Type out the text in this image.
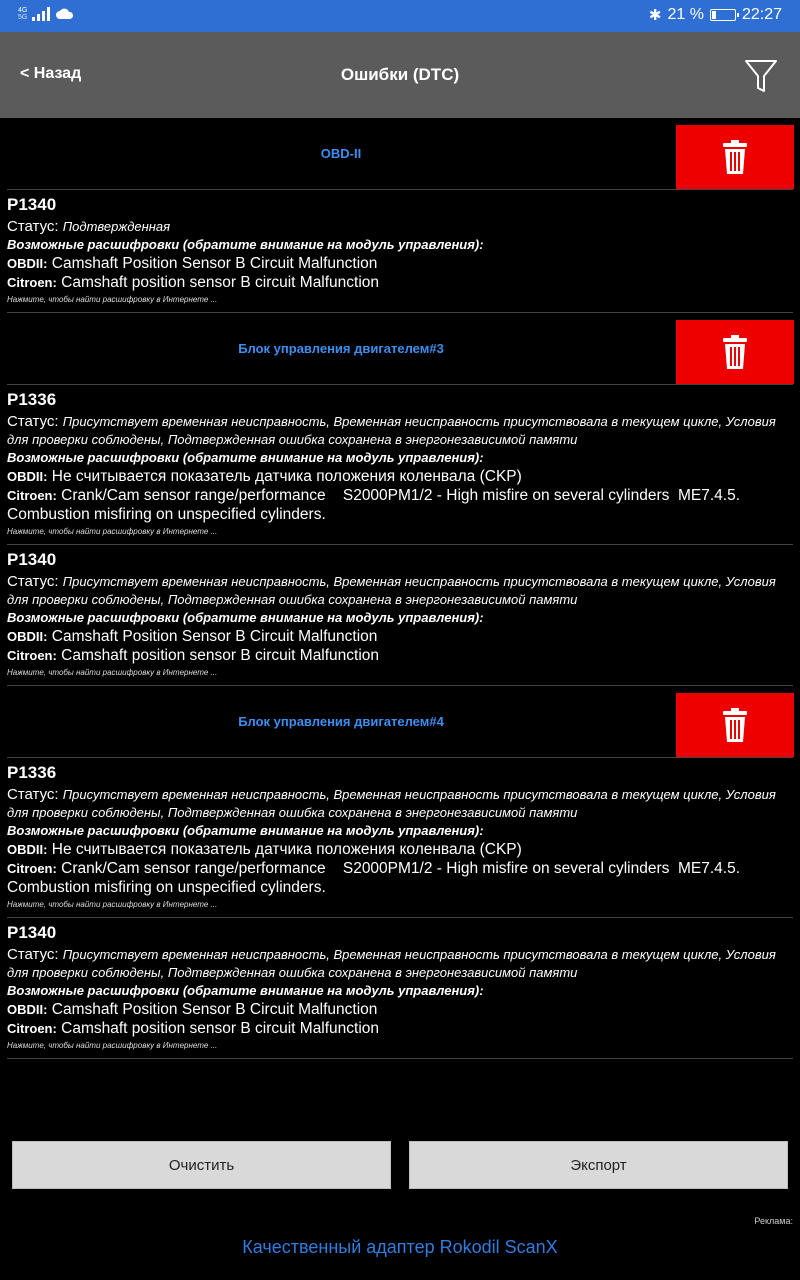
4G
5G	✱ 21 % 22:27
< Назад	Ошибки (DTC)
OBD-II
P1340
Статус: Подтвержденная
Возможные расшифровки (обратите внимание на модуль управления):
OBDII: Camshaft Position Sensor B Circuit Malfunction
Citroen: Camshaft position sensor B circuit Malfunction
Нажмите, чтобы найти расшифровку в Интернете ...
Блок управления двигателем#3
P1336
Статус: Присутствует временная неисправность, Временная неисправность присутствовала в текущем цикле, Условия для проверки соблюдены, Подтвержденная ошибка сохранена в энергонезависимой памяти
Возможные расшифровки (обратите внимание на модуль управления):
OBDII: Не считывается показатель датчика положения коленвала (CKP)
Citroen: Crank/Cam sensor range/performance    S2000PM1/2 - High misfire on several cylinders  ME7.4.5. Combustion misfiring on unspecified cylinders.
Нажмите, чтобы найти расшифровку в Интернете ...
P1340
Статус: Присутствует временная неисправность, Временная неисправность присутствовала в текущем цикле, Условия для проверки соблюдены, Подтвержденная ошибка сохранена в энергонезависимой памяти
Возможные расшифровки (обратите внимание на модуль управления):
OBDII: Camshaft Position Sensor B Circuit Malfunction
Citroen: Camshaft position sensor B circuit Malfunction
Нажмите, чтобы найти расшифровку в Интернете ...
Блок управления двигателем#4
P1336
Статус: Присутствует временная неисправность, Временная неисправность присутствовала в текущем цикле, Условия для проверки соблюдены, Подтвержденная ошибка сохранена в энергонезависимой памяти
Возможные расшифровки (обратите внимание на модуль управления):
OBDII: Не считывается показатель датчика положения коленвала (CKP)
Citroen: Crank/Cam sensor range/performance    S2000PM1/2 - High misfire on several cylinders  ME7.4.5. Combustion misfiring on unspecified cylinders.
Нажмите, чтобы найти расшифровку в Интернете ...
P1340
Статус: Присутствует временная неисправность, Временная неисправность присутствовала в текущем цикле, Условия для проверки соблюдены, Подтвержденная ошибка сохранена в энергонезависимой памяти
Возможные расшифровки (обратите внимание на модуль управления):
OBDII: Camshaft Position Sensor B Circuit Malfunction
Citroen: Camshaft position sensor B circuit Malfunction
Нажмите, чтобы найти расшифровку в Интернете ...
Очистить	Экспорт
Реклама:
Качественный адаптер Rokodil ScanX
